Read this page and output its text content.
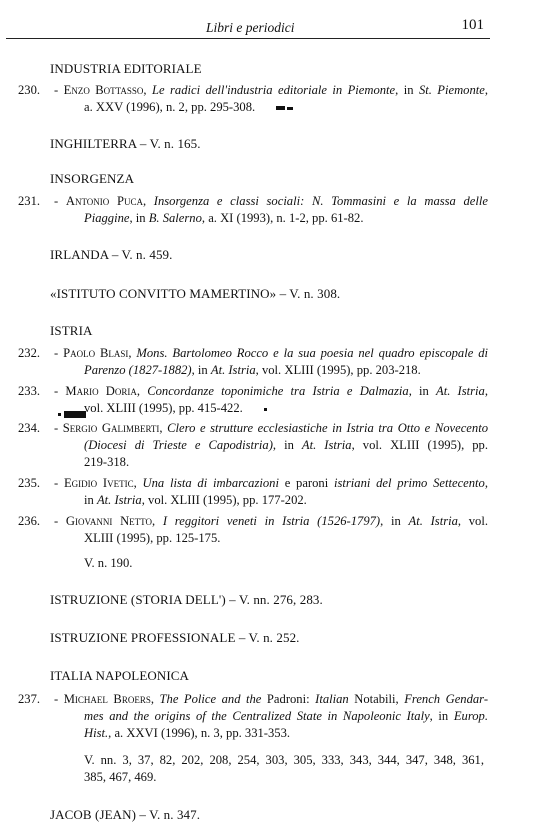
Libri e periodici	101
INDUSTRIA EDITORIALE
230. - Enzo Bottasso, Le radici dell'industria editoriale in Piemonte, in St. Piemonte,
a. XXV (1996), n. 2, pp. 295-308.
INGHILTERRA – V. n. 165.
INSORGENZA
231. - Antonio Puca, Insorgenza e classi sociali: N. Tommasini e la massa delle
Piaggine, in B. Salerno, a. XI (1993), n. 1-2, pp. 61-82.
IRLANDA – V. n. 459.
«ISTITUTO CONVITTO MAMERTINO» – V. n. 308.
ISTRIA
232. - Paolo Blasi, Mons. Bartolomeo Rocco e la sua poesia nel quadro episcopale di
Parenzo (1827-1882), in At. Istria, vol. XLIII (1995), pp. 203-218.
233. - Mario Doria, Concordanze toponimiche tra Istria e Dalmazia, in At. Istria,
vol. XLIII (1995), pp. 415-422.
234. - Sergio Galimberti, Clero e strutture ecclesiastiche in Istria tra Otto e Novecento
(Diocesi di Trieste e Capodistria), in At. Istria, vol. XLIII (1995), pp.
219-318.
235. - Egidio Ivetic, Una lista di imbarcazioni e paroni istriani del primo Settecento,
in At. Istria, vol. XLIII (1995), pp. 177-202.
236. - Giovanni Netto, I reggitori veneti in Istria (1526-1797), in At. Istria, vol.
XLIII (1995), pp. 125-175.
V. n. 190.
ISTRUZIONE (STORIA DELL') – V. nn. 276, 283.
ISTRUZIONE PROFESSIONALE – V. n. 252.
ITALIA NAPOLEONICA
237. - Michael Broers, The Police and the Padroni: Italian Notabili, French Gendar-
mes and the origins of the Centralized State in Napoleonic Italy, in Europ.
Hist., a. XXVI (1996), n. 3, pp. 331-353.
V. nn. 3, 37, 82, 202, 208, 254, 303, 305, 333, 343, 344, 347, 348, 361,
385, 467, 469.
JACOB (JEAN) – V. n. 347.
